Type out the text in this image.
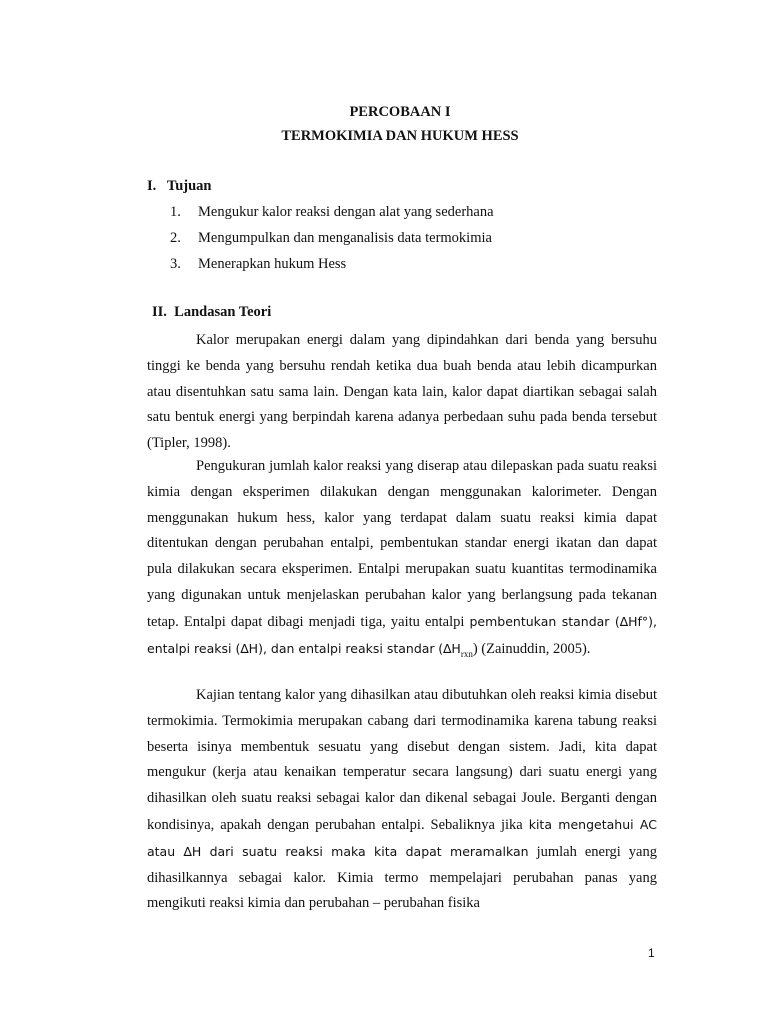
PERCOBAAN I
TERMOKIMIA DAN HUKUM HESS
I.   Tujuan
1. Mengukur kalor reaksi dengan alat yang sederhana
2. Mengumpulkan dan menganalisis data termokimia
3. Menerapkan hukum Hess
II.  Landasan Teori

Kalor merupakan energi dalam yang dipindahkan dari benda yang bersuhu tinggi ke benda yang bersuhu rendah ketika dua buah benda atau lebih dicampurkan atau disentuhkan satu sama lain. Dengan kata lain, kalor dapat diartikan sebagai salah satu bentuk energi yang berpindah karena adanya perbedaan suhu pada benda tersebut (Tipler, 1998).

Pengukuran jumlah kalor reaksi yang diserap atau dilepaskan pada suatu reaksi kimia dengan eksperimen dilakukan dengan menggunakan kalorimeter. Dengan menggunakan hukum hess, kalor yang terdapat dalam suatu reaksi kimia dapat ditentukan dengan perubahan entalpi, pembentukan standar energi ikatan dan dapat pula dilakukan secara eksperimen. Entalpi merupakan suatu kuantitas termodinamika yang digunakan untuk menjelaskan perubahan kalor yang berlangsung pada tekanan tetap. Entalpi dapat dibagi menjadi tiga, yaitu entalpi pembentukan standar (∆Hf°), entalpi reaksi (∆H), dan entalpi reaksi standar $(\Delta H_{rxn})$ (Zainuddin, 2005).

Kajian tentang kalor yang dihasilkan atau dibutuhkan oleh reaksi kimia disebut termokimia. Termokimia merupakan cabang dari termodinamika karena tabung reaksi beserta isinya membentuk sesuatu yang disebut dengan sistem. Jadi, kita dapat mengukur (kerja atau kenaikan temperatur secara langsung) dari suatu energi yang dihasilkan oleh suatu reaksi sebagai kalor dan dikenal sebagai Joule. Berganti dengan kondisinya, apakah dengan perubahan entalpi. Sebaliknya jika kita mengetahui AC atau ∆H dari suatu reaksi maka kita dapat meramalkan jumlah energi yang dihasilkannya sebagai kalor. Kimia termo mempelajari perubahan panas yang mengikuti reaksi kimia dan perubahan – perubahan fisika

1
